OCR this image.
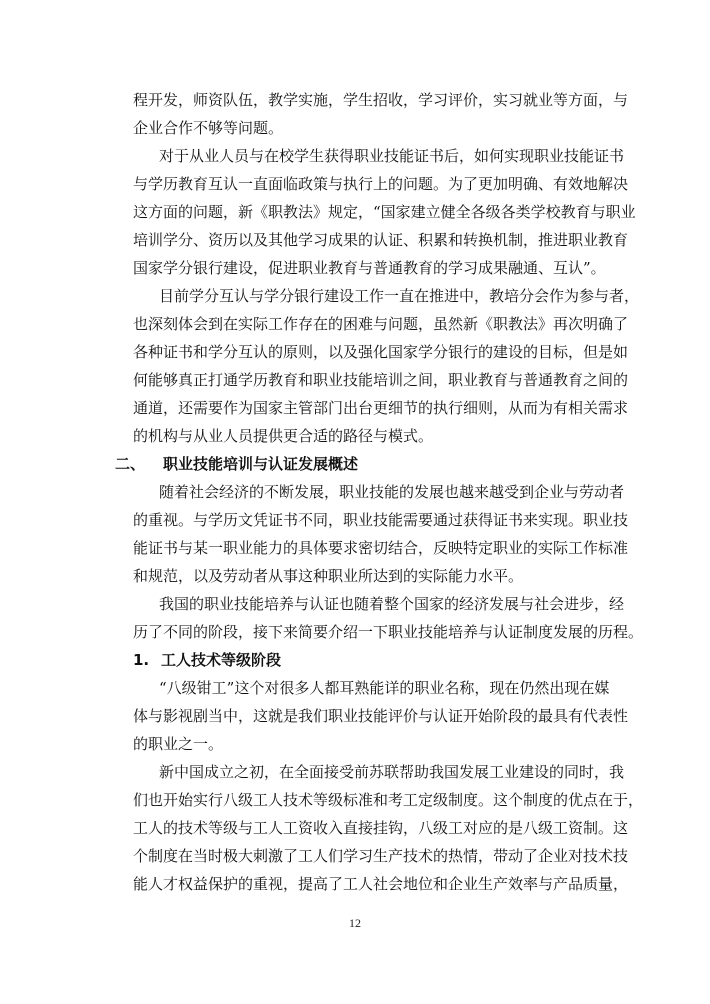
程开发，师资队伍，教学实施，学生招收，学习评价，实习就业等方面，与
企业合作不够等问题。
对于从业人员与在校学生获得职业技能证书后，如何实现职业技能证书
与学历教育互认一直面临政策与执行上的问题。为了更加明确、有效地解决
这方面的问题，新《职教法》规定，“国家建立健全各级各类学校教育与职业
培训学分、资历以及其他学习成果的认证、积累和转换机制，推进职业教育
国家学分银行建设，促进职业教育与普通教育的学习成果融通、互认”。
目前学分互认与学分银行建设工作一直在推进中，教培分会作为参与者，
也深刻体会到在实际工作存在的困难与问题，虽然新《职教法》再次明确了
各种证书和学分互认的原则，以及强化国家学分银行的建设的目标，但是如
何能够真正打通学历教育和职业技能培训之间，职业教育与普通教育之间的
通道，还需要作为国家主管部门出台更细节的执行细则，从而为有相关需求
的机构与从业人员提供更合适的路径与模式。
二、 职业技能培训与认证发展概述
随着社会经济的不断发展，职业技能的发展也越来越受到企业与劳动者
的重视。与学历文凭证书不同，职业技能需要通过获得证书来实现。职业技
能证书与某一职业能力的具体要求密切结合，反映特定职业的实际工作标准
和规范，以及劳动者从事这种职业所达到的实际能力水平。
我国的职业技能培养与认证也随着整个国家的经济发展与社会进步，经
历了不同的阶段，接下来简要介绍一下职业技能培养与认证制度发展的历程。
1. 工人技术等级阶段
“八级钳工”这个对很多人都耳熟能详的职业名称，现在仍然出现在媒
体与影视剧当中，这就是我们职业技能评价与认证开始阶段的最具有代表性
的职业之一。
新中国成立之初，在全面接受前苏联帮助我国发展工业建设的同时，我
们也开始实行八级工人技术等级标准和考工定级制度。这个制度的优点在于，
工人的技术等级与工人工资收入直接挂钩，八级工对应的是八级工资制。这
个制度在当时极大刺激了工人们学习生产技术的热情，带动了企业对技术技
能人才权益保护的重视，提高了工人社会地位和企业生产效率与产品质量，
12
